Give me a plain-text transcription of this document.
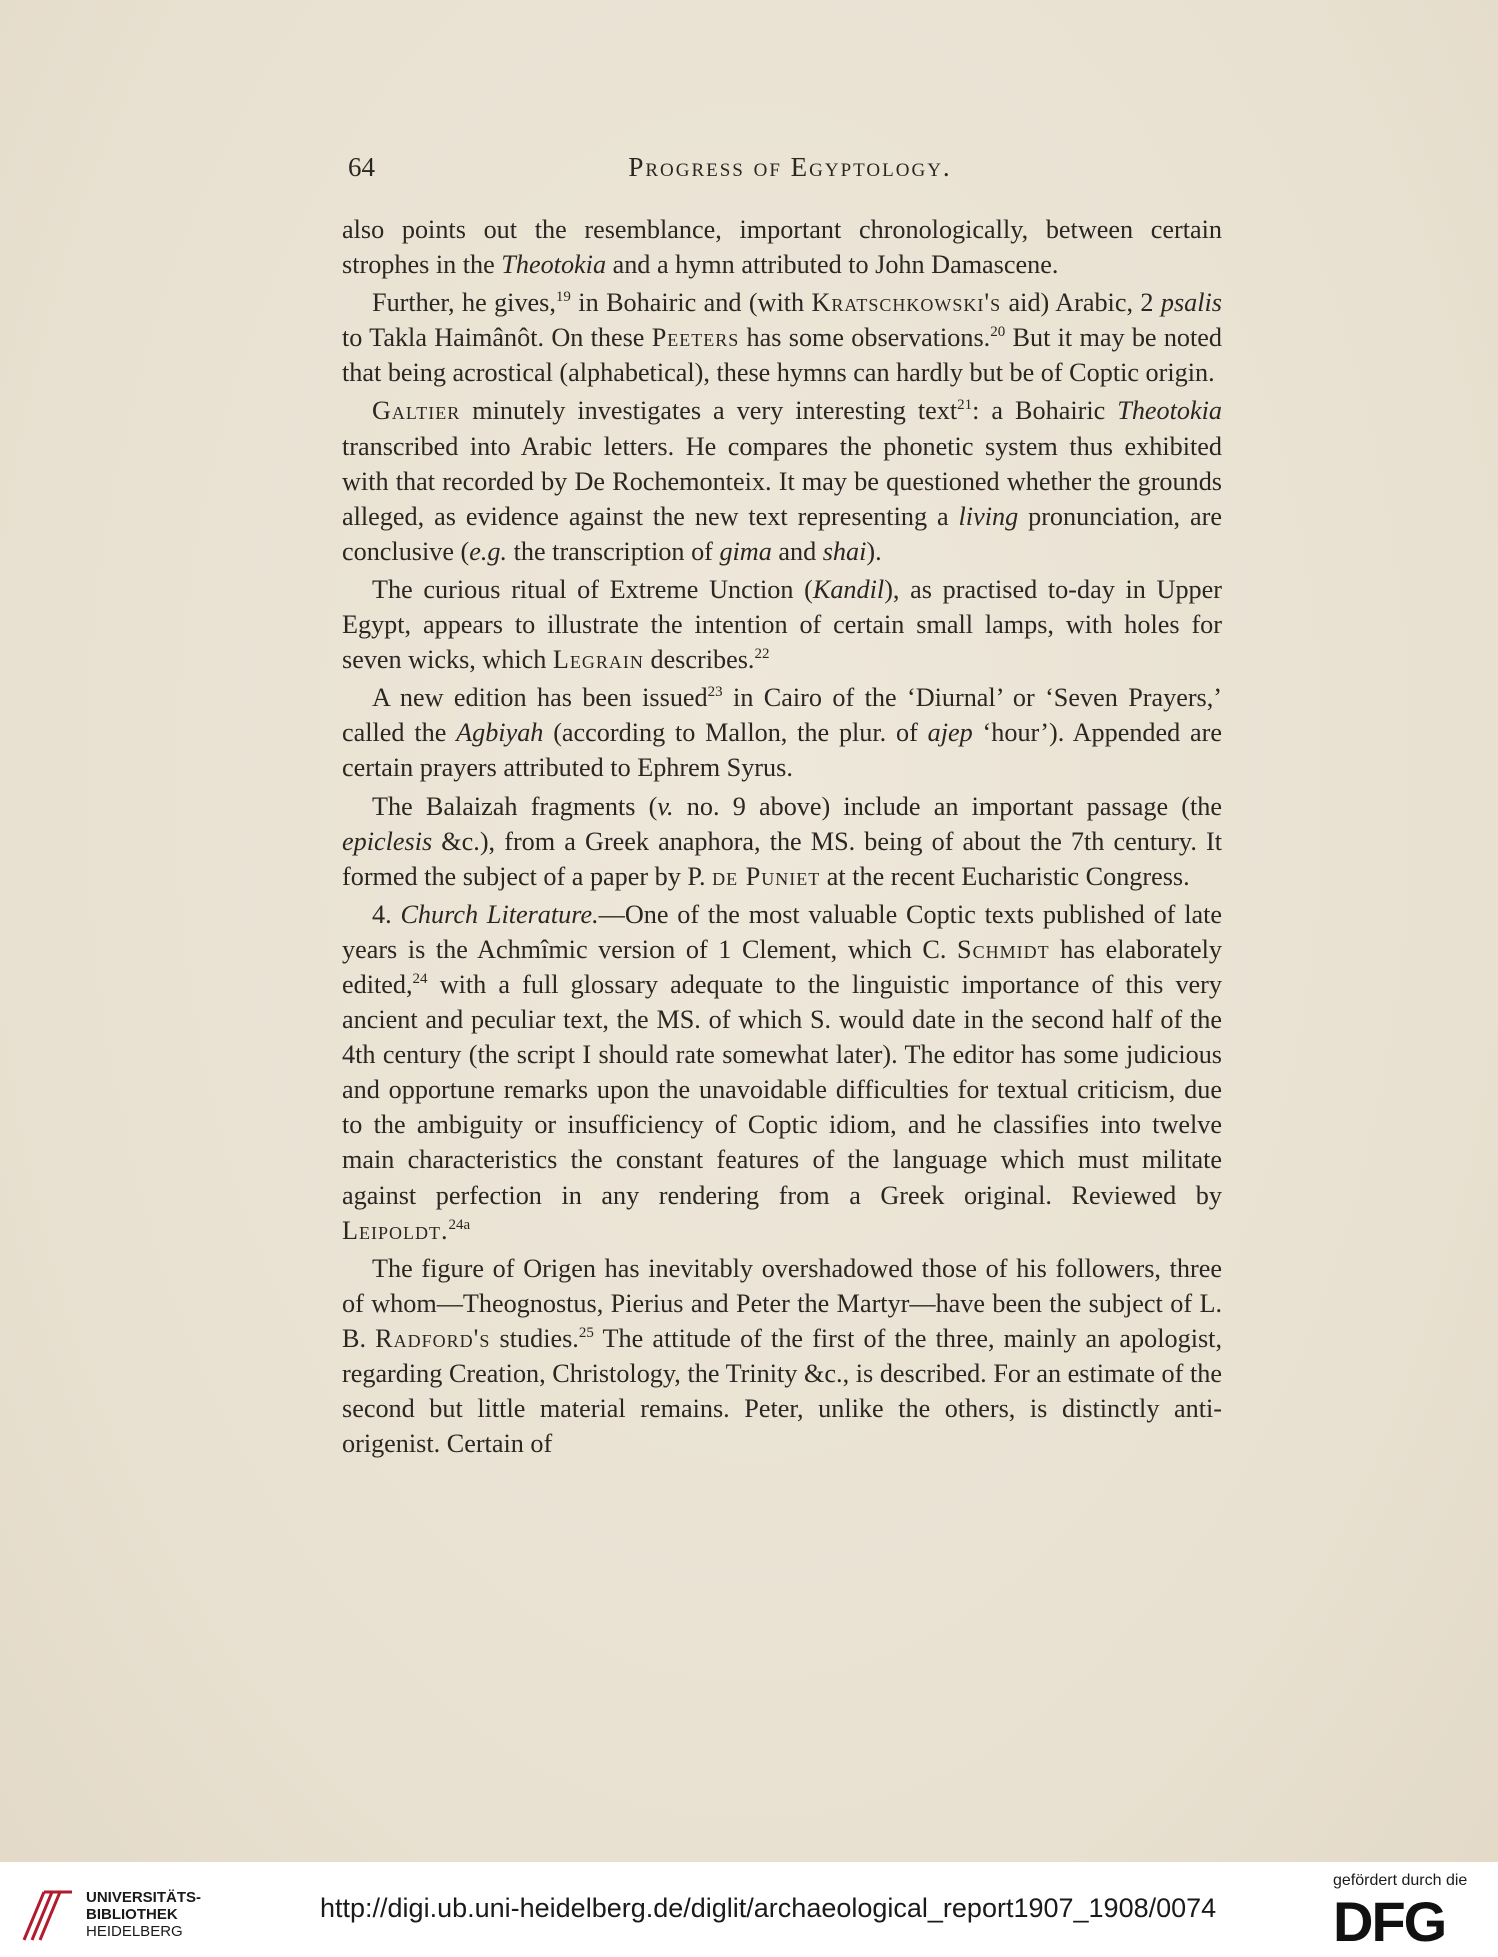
64	Progress of Egyptology.

also points out the resemblance, important chronologically, between certain strophes in the Theotokia and a hymn attributed to John Damascene.

Further, he gives,$^{19}$ in Bohairic and (with Kratschkowski's aid) Arabic, 2 psalis to Takla Haimânôt. On these Peeters has some observations.$^{20}$ But it may be noted that being acrostical (alphabetical), these hymns can hardly but be of Coptic origin.

Galtier minutely investigates a very interesting text$^{21}$: a Bohairic Theotokia transcribed into Arabic letters. He compares the phonetic system thus exhibited with that recorded by De Rochemonteix. It may be questioned whether the grounds alleged, as evidence against the new text representing a living pronunciation, are conclusive (e.g. the transcription of gima and shai).

The curious ritual of Extreme Unction (Kandil), as practised to-day in Upper Egypt, appears to illustrate the intention of certain small lamps, with holes for seven wicks, which Legrain describes.$^{22}$

A new edition has been issued$^{23}$ in Cairo of the ‘Diurnal’ or ‘Seven Prayers,’ called the Agbiyah (according to Mallon, the plur. of ajep ‘hour’). Appended are certain prayers attributed to Ephrem Syrus.

The Balaizah fragments (v. no. 9 above) include an important passage (the epiclesis &c.), from a Greek anaphora, the MS. being of about the 7th century. It formed the subject of a paper by P. de Puniet at the recent Eucharistic Congress.

4. Church Literature.—One of the most valuable Coptic texts published of late years is the Achmîmic version of 1 Clement, which C. Schmidt has elaborately edited,$^{24}$ with a full glossary adequate to the linguistic importance of this very ancient and peculiar text, the MS. of which S. would date in the second half of the 4th century (the script I should rate somewhat later). The editor has some judicious and opportune remarks upon the unavoidable difficulties for textual criticism, due to the ambiguity or insufficiency of Coptic idiom, and he classifies into twelve main characteristics the constant features of the language which must militate against perfection in any rendering from a Greek original. Reviewed by Leipoldt.$^{24a}$

The figure of Origen has inevitably overshadowed those of his followers, three of whom—Theognostus, Pierius and Peter the Martyr—have been the subject of L. B. Radford's studies.$^{25}$ The attitude of the first of the three, mainly an apologist, regarding Creation, Christology, the Trinity &c., is described. For an estimate of the second but little material remains. Peter, unlike the others, is distinctly anti-origenist. Certain of

UNIVERSITÄTS-
BIBLIOTHEK
HEIDELBERG
http://digi.ub.uni-heidelberg.de/diglit/archaeological_report1907_1908/0074
gefördert durch die
DFG
